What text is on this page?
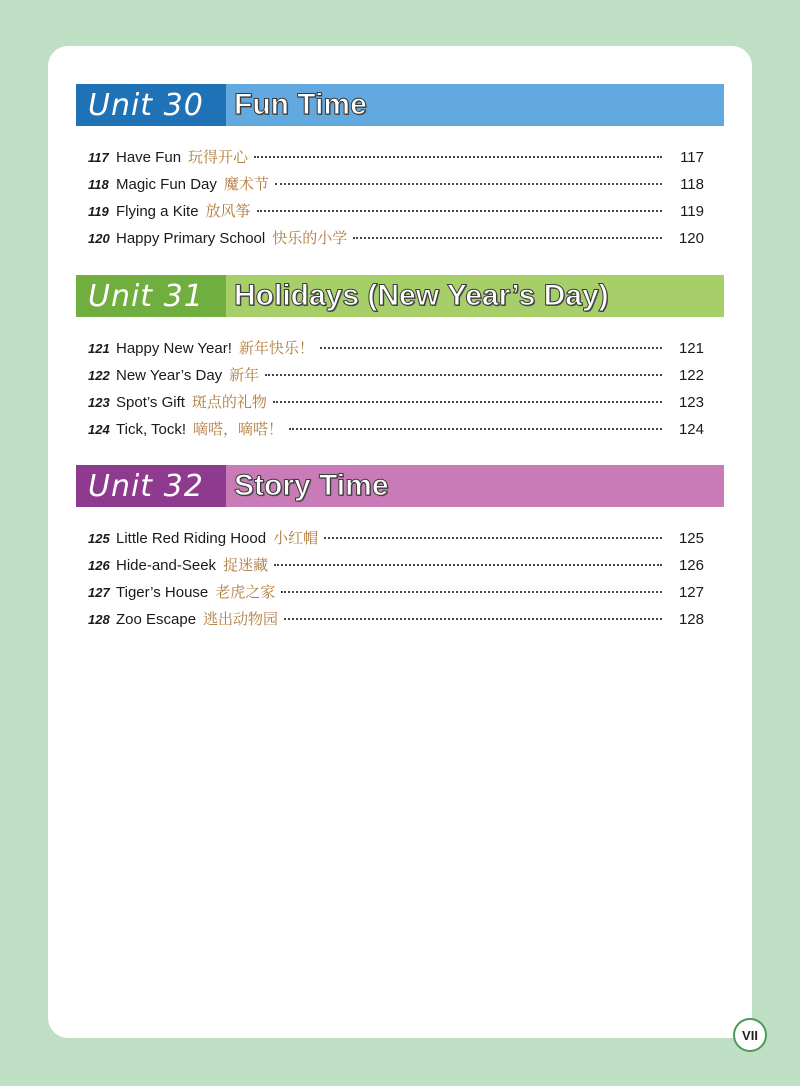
Unit 30	Fun Time
117 Have Fun 玩得开心	117
118 Magic Fun Day 魔术节	118
119 Flying a Kite 放风筝	119
120 Happy Primary School 快乐的小学	120
Unit 31	Holidays (New Year’s Day)
121 Happy New Year! 新年快乐！	121
122 New Year’s Day 新年	122
123 Spot’s Gift 斑点的礼物	123
124 Tick, Tock! 嘀嗒，嘀嗒！	124
Unit 32	Story Time
125 Little Red Riding Hood 小红帽	125
126 Hide-and-Seek 捉迷藏	126
127 Tiger’s House 老虎之家	127
128 Zoo Escape 逃出动物园	128
VII
